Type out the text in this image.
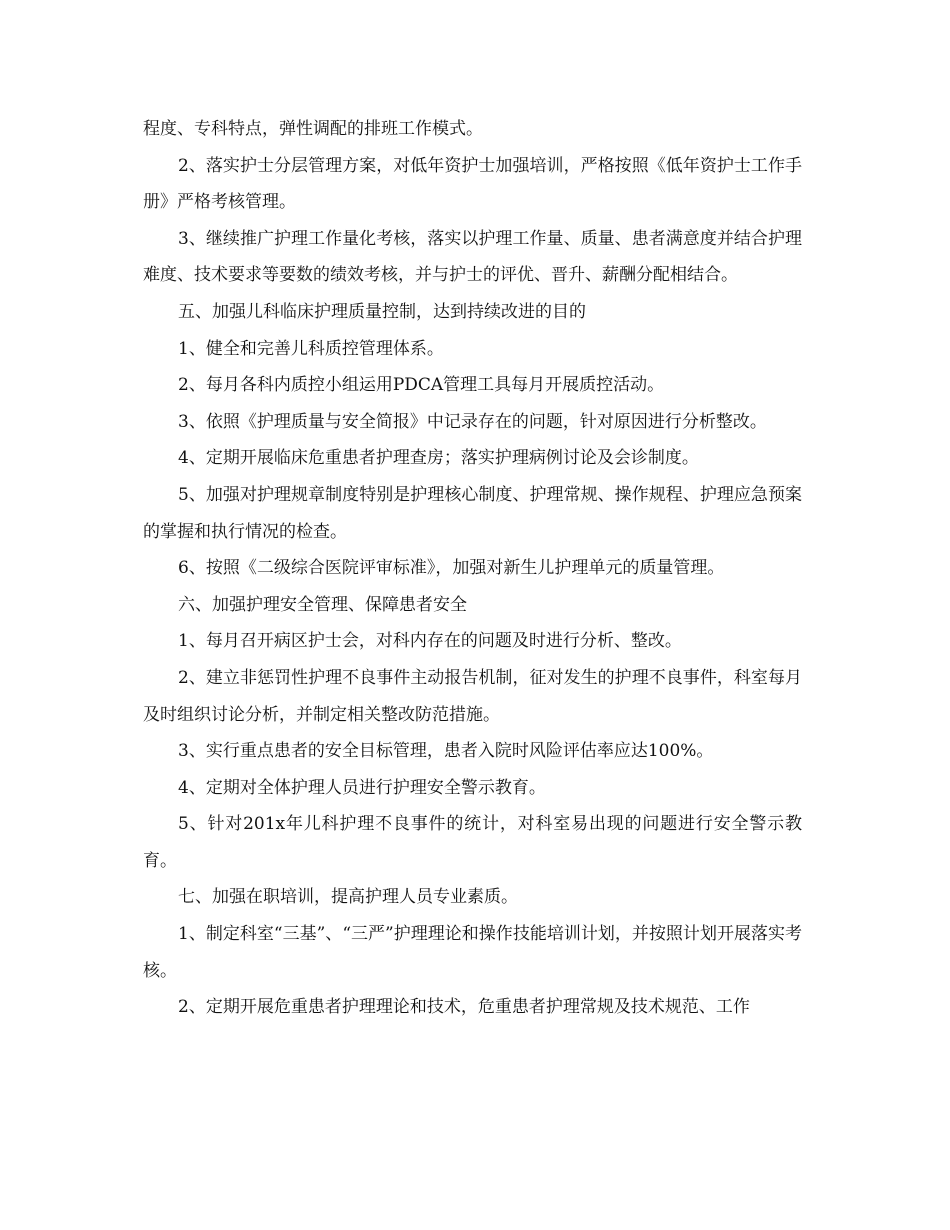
程度、专科特点，弹性调配的排班工作模式。

2、落实护士分层管理方案，对低年资护士加强培训，严格按照《低年资护士工作手册》严格考核管理。

3、继续推广护理工作量化考核，落实以护理工作量、质量、患者满意度并结合护理难度、技术要求等要数的绩效考核，并与护士的评优、晋升、薪酬分配相结合。

五、加强儿科临床护理质量控制，达到持续改进的目的

1、健全和完善儿科质控管理体系。

2、每月各科内质控小组运用PDCA管理工具每月开展质控活动。

3、依照《护理质量与安全简报》中记录存在的问题，针对原因进行分析整改。

4、定期开展临床危重患者护理查房；落实护理病例讨论及会诊制度。

5、加强对护理规章制度特别是护理核心制度、护理常规、操作规程、护理应急预案的掌握和执行情况的检查。

6、按照《二级综合医院评审标准》，加强对新生儿护理单元的质量管理。

六、加强护理安全管理、保障患者安全

1、每月召开病区护士会，对科内存在的问题及时进行分析、整改。

2、建立非惩罚性护理不良事件主动报告机制，征对发生的护理不良事件，科室每月及时组织讨论分析，并制定相关整改防范措施。

3、实行重点患者的安全目标管理，患者入院时风险评估率应达100%。

4、定期对全体护理人员进行护理安全警示教育。

5、针对201x年儿科护理不良事件的统计，对科室易出现的问题进行安全警示教育。

七、加强在职培训，提高护理人员专业素质。

1、制定科室“三基”、“三严”护理理论和操作技能培训计划，并按照计划开展落实考核。

2、定期开展危重患者护理理论和技术，危重患者护理常规及技术规范、工作
